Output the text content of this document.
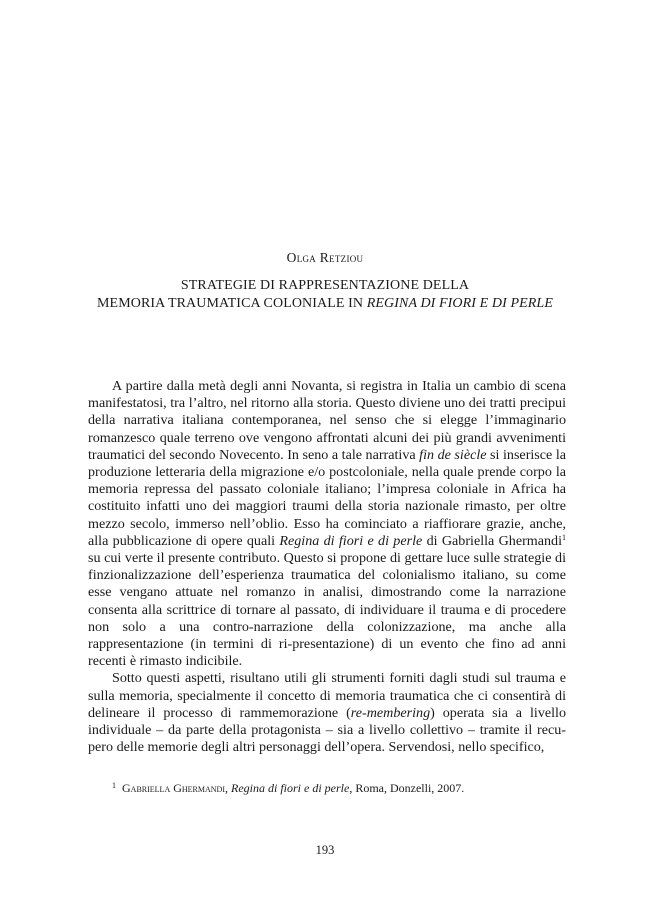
Olga Retziou
STRATEGIE DI RAPPRESENTAZIONE DELLA
MEMORIA TRAUMATICA COLONIALE IN REGINA DI FIORI E DI PERLE

A partire dalla metà degli anni Novanta, si registra in Italia un cambio di scena manifestatosi, tra l’altro, nel ritorno alla storia. Questo diviene uno dei tratti precipui della narrativa italiana contemporanea, nel senso che si elegge l’immaginario romanzesco quale terreno ove vengono affrontati alcuni dei più grandi avvenimenti traumatici del secondo Novecento. In seno a tale narrativa fin de siècle si inserisce la produzione letteraria della migrazione e/o postcoloniale, nella quale prende corpo la memoria repressa del passato coloniale italiano; l’impresa coloniale in Africa ha costituito infatti uno dei maggiori traumi della storia nazionale rimasto, per oltre mezzo secolo, immerso nell’oblio. Esso ha cominciato a riaffiorare grazie, anche, alla pubblicazione di opere quali Regina di fiori e di perle di Gabriella Ghermandi$^1$ su cui verte il presente contributo. Questo si propone di gettare luce sulle strategie di finzionalizzazione dell’esperienza traumatica del colonialismo italiano, su come esse vengano attuate nel romanzo in analisi, dimostrando come la narrazione consenta alla scrittrice di tornare al passato, di individuare il trauma e di procedere non solo a una contro-narrazione della colonizzazione, ma anche alla rappresentazione (in termini di ri-presentazione) di un evento che fino ad anni recenti è rimasto indicibile.

Sotto questi aspetti, risultano utili gli strumenti forniti dagli studi sul trauma e sulla memoria, specialmente il concetto di memoria traumatica che ci consentirà di delineare il processo di rammemorazione (re-membering) operata sia a livello individuale – da parte della protagonista – sia a livello collettivo – tramite il recupero delle memorie degli altri personaggi dell’opera. Servendosi, nello specifico,

$^1$ Gabriella Ghermandi, Regina di fiori e di perle, Roma, Donzelli, 2007.
193
